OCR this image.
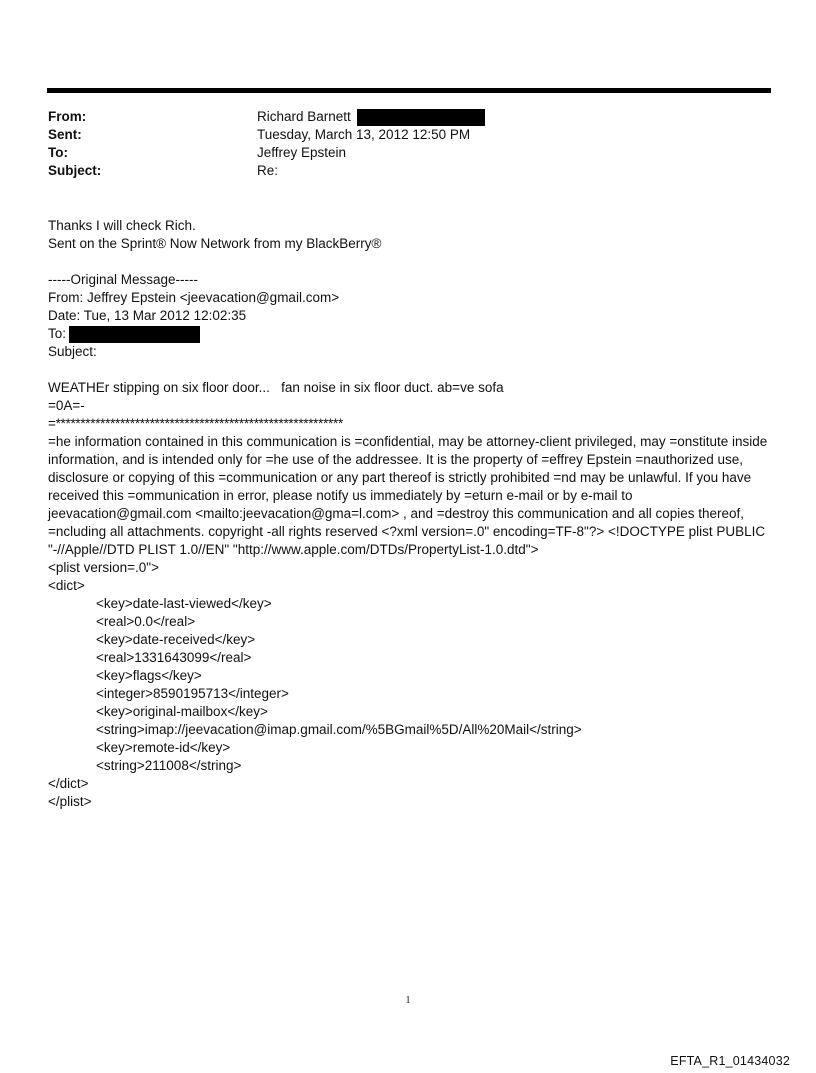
From:	Richard Barnett
Sent:	Tuesday, March 13, 2012 12:50 PM
To:	Jeffrey Epstein
Subject:	Re:

Thanks I will check Rich.

Sent on the Sprint® Now Network from my BlackBerry®

-----Original Message-----

From: Jeffrey Epstein <jeevacation@gmail.com>

Date: Tue, 13 Mar 2012 12:02:35

To:

Subject:

WEATHEr stipping on six floor door...   fan noise in six floor duct. ab=ve sofa

=0A=-

=**********************************************************

=he information contained in this communication is =confidential, may be attorney-client privileged, may =onstitute inside information, and is intended only for =he use of the addressee. It is the property of =effrey Epstein =nauthorized use, disclosure or copying of this =communication or any part thereof is strictly prohibited =nd may be unlawful. If you have received this =ommunication in error, please notify us immediately by =eturn e-mail or by e-mail to jeevacation@gmail.com <mailto:jeevacation@gma=l.com> , and =destroy this communication and all copies thereof, =ncluding all attachments. copyright -all rights reserved <?xml version=.0" encoding=TF-8"?> <!DOCTYPE plist PUBLIC "-//Apple//DTD PLIST 1.0//EN" "http://www.apple.com/DTDs/PropertyList-1.0.dtd">

<plist version=.0">

<dict>

<key>date-last-viewed</key>

<real>0.0</real>

<key>date-received</key>

<real>1331643099</real>

<key>flags</key>

<integer>8590195713</integer>

<key>original-mailbox</key>

<string>imap://jeevacation@imap.gmail.com/%5BGmail%5D/All%20Mail</string>

<key>remote-id</key>

<string>211008</string>

</dict>

</plist>

1
EFTA_R1_01434032
